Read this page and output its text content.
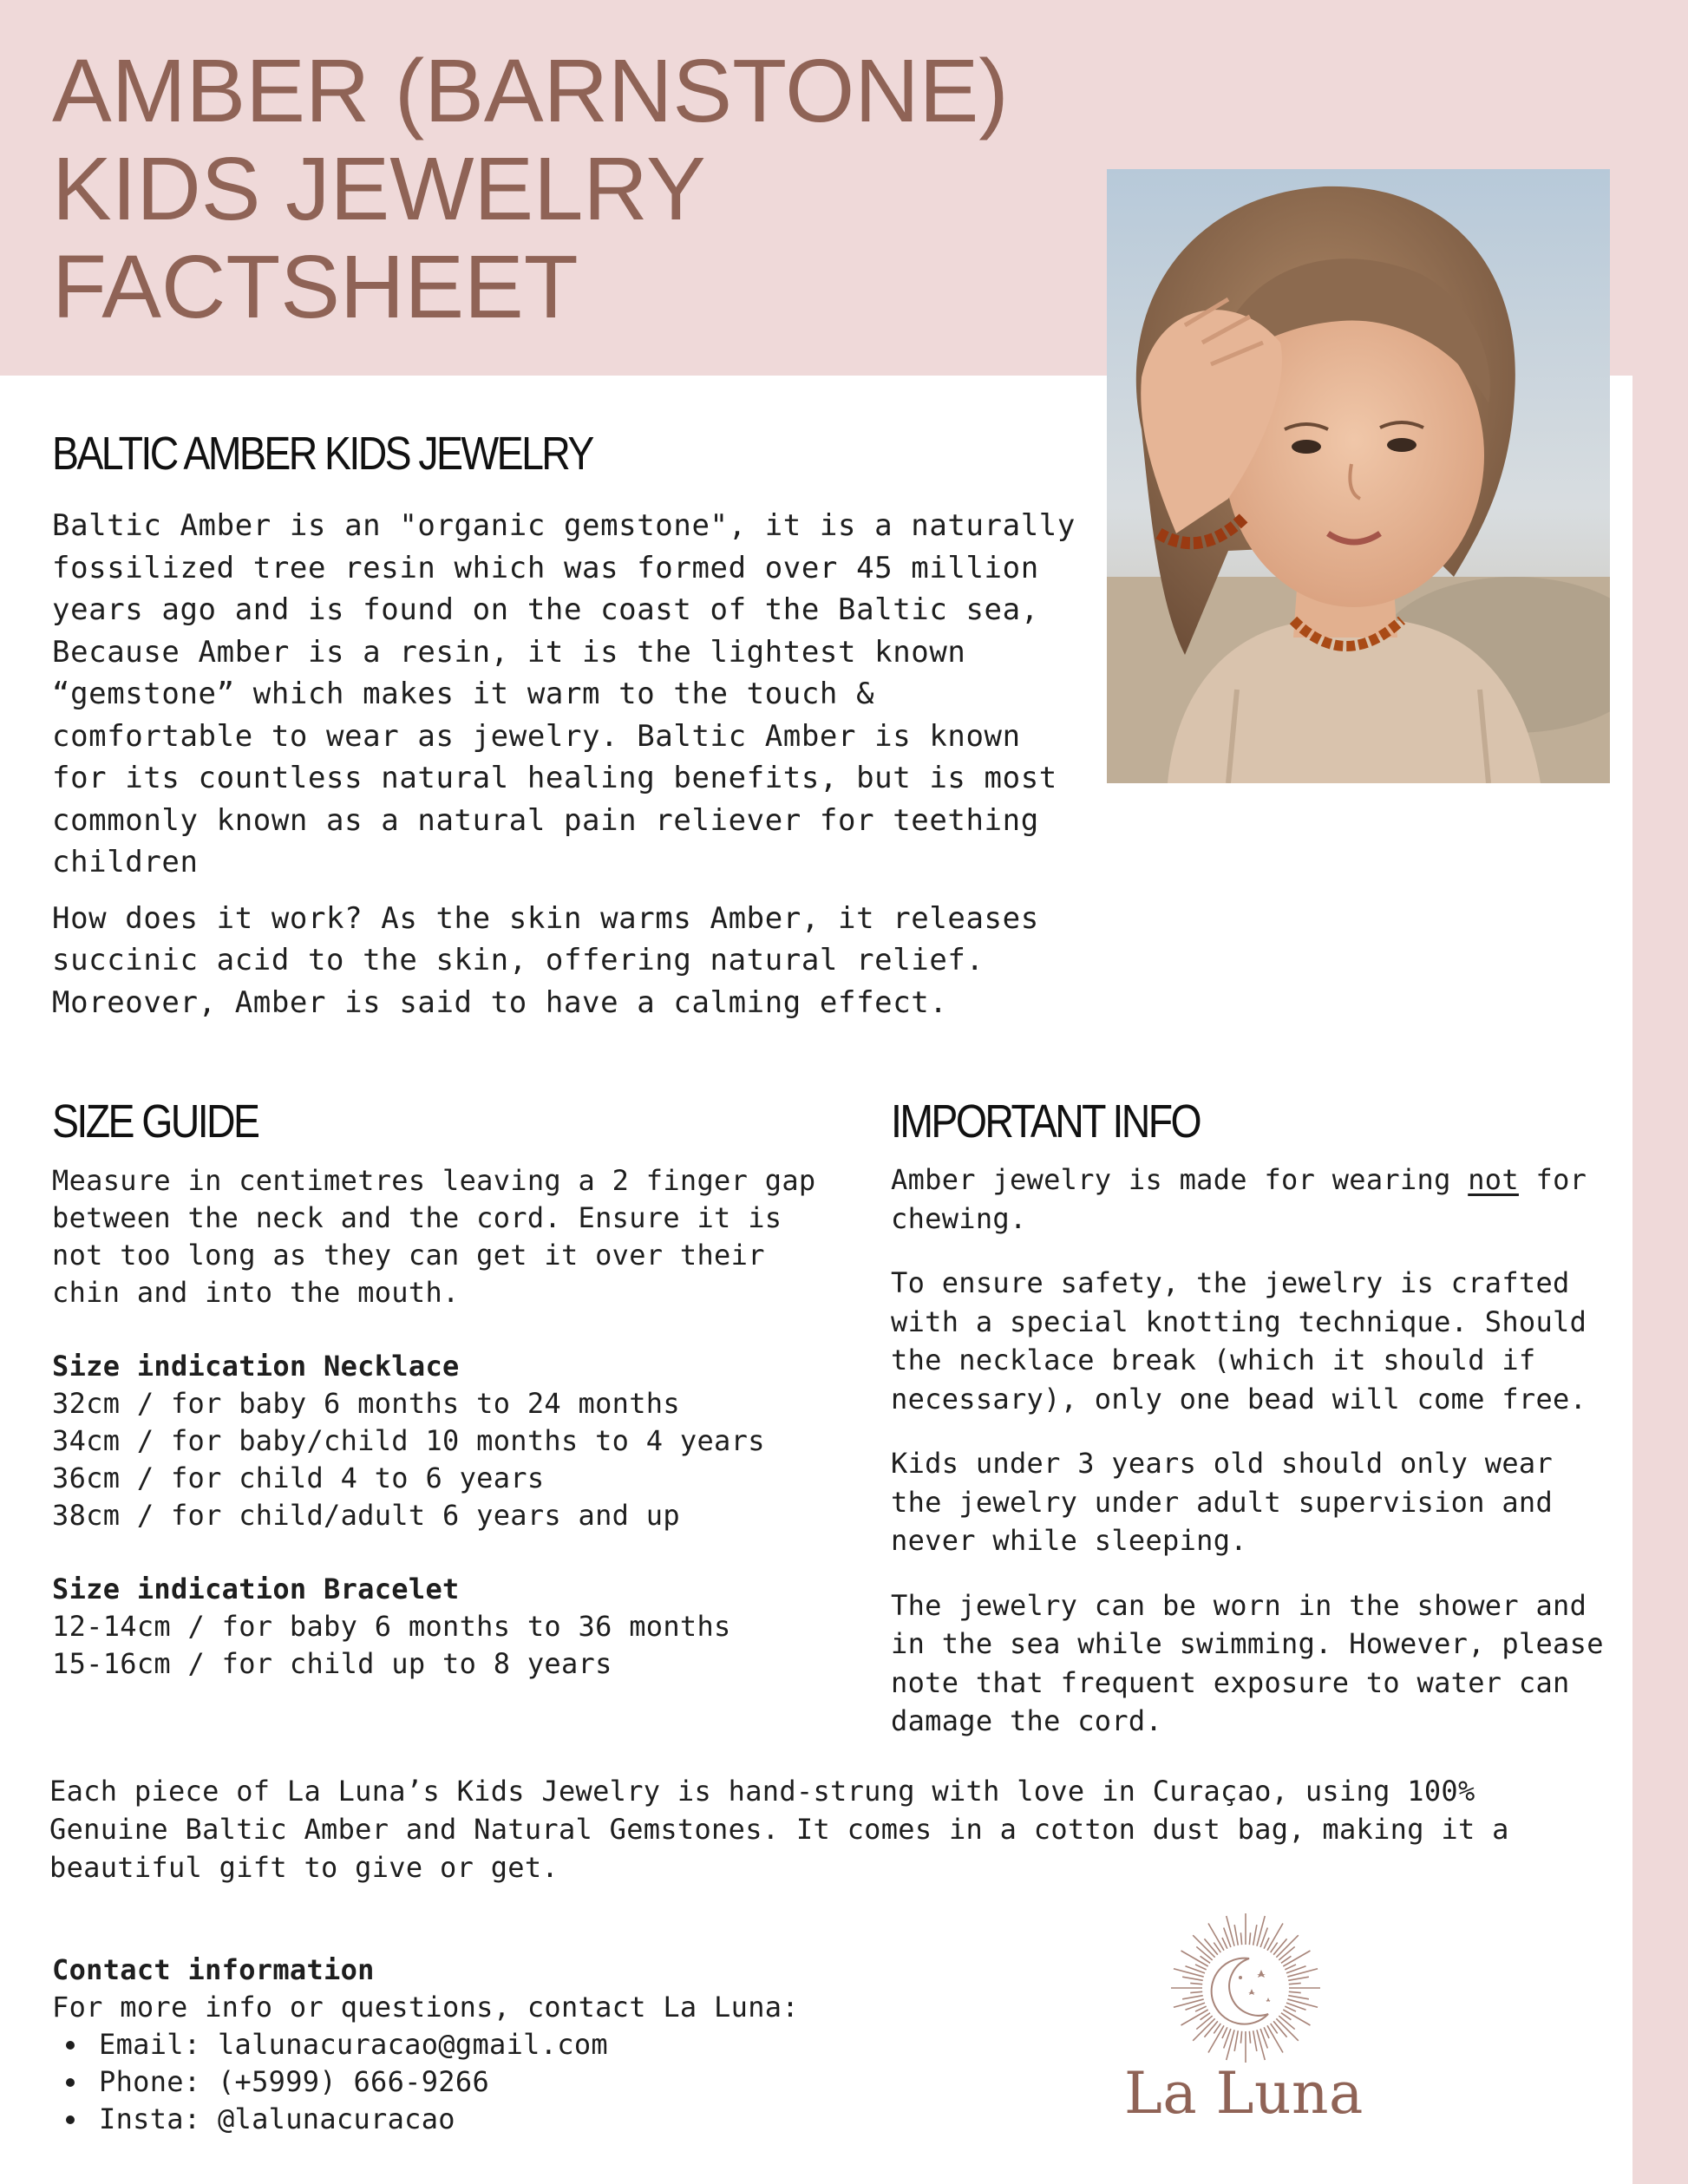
AMBER (BARNSTONE)
KIDS JEWELRY
FACTSHEET
BALTIC AMBER KIDS JEWELRY

Baltic Amber is an "organic gemstone", it is a naturally fossilized tree resin which was formed over 45 million years ago and is found on the coast of the Baltic sea, Because Amber is a resin, it is the lightest known “gemstone” which makes it warm to the touch & comfortable to wear as jewelry. Baltic Amber is known for its countless natural healing benefits, but is most commonly known as a natural pain reliever for teething children

How does it work? As the skin warms Amber, it releases succinic acid to the skin, offering natural relief. Moreover, Amber is said to have a calming effect.

SIZE GUIDE

Measure in centimetres leaving a 2 finger gap between the neck and the cord. Ensure it is not too long as they can get it over their chin and into the mouth.

Size indication Necklace

32cm / for baby 6 months to 24 months

34cm / for baby/child 10 months to 4 years

36cm / for child 4 to 6 years

38cm / for child/adult 6 years and up

Size indication Bracelet

12-14cm / for baby 6 months to 36 months

15-16cm / for child up to 8 years

IMPORTANT INFO

Amber jewelry is made for wearing not for chewing.

To ensure safety, the jewelry is crafted with a special knotting technique. Should the necklace break (which it should if necessary), only one bead will come free.

Kids under 3 years old should only wear the jewelry under adult supervision and never while sleeping.

The jewelry can be worn in the shower and in the sea while swimming. However, please note that frequent exposure to water can damage the cord.

Each piece of La Luna’s Kids Jewelry is hand-strung with love in Curaçao, using 100% Genuine Baltic Amber and Natural Gemstones. It comes in a cotton dust bag, making it a beautiful gift to give or get.

Contact information

For more info or questions, contact La Luna:

Email: lalunacuracao@gmail.com
Phone: (+5999) 666-9266
Insta: @lalunacuracao	La Luna
